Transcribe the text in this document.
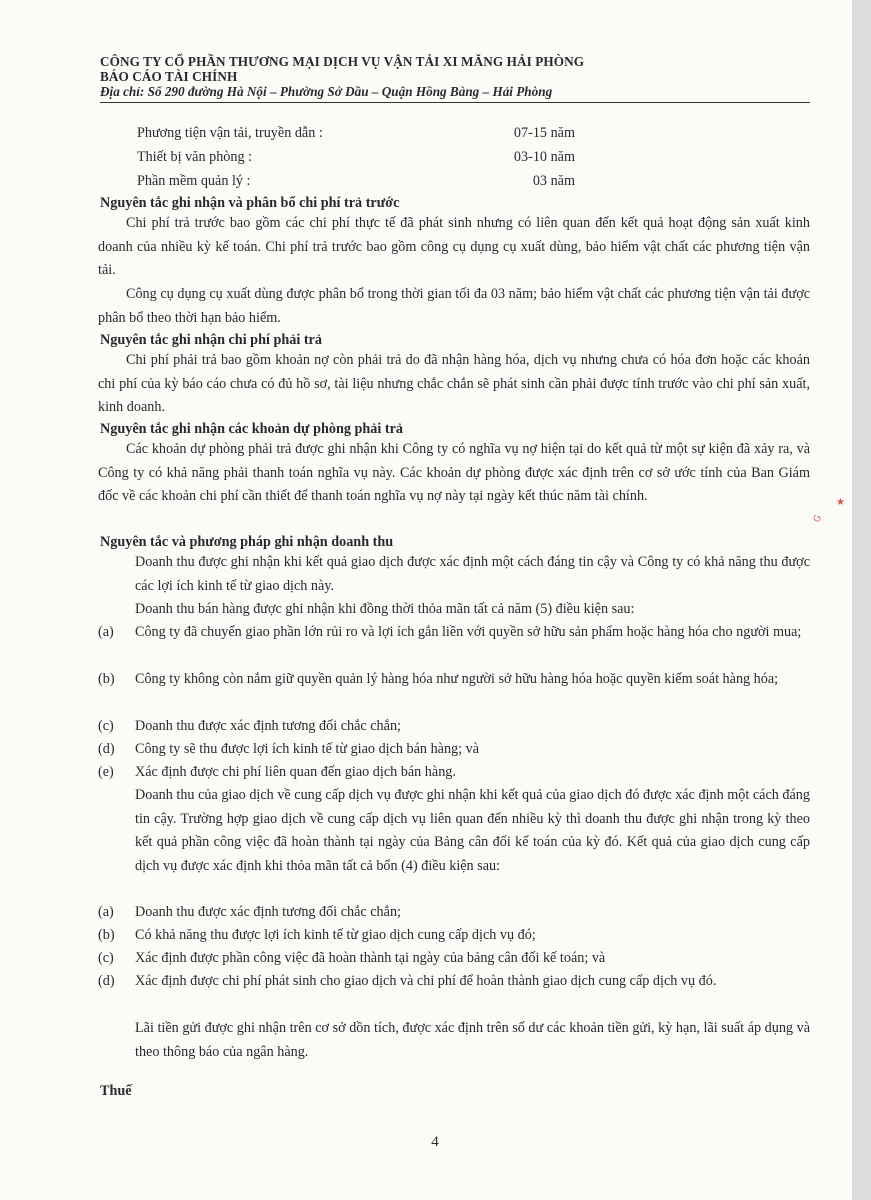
CÔNG TY CỔ PHẦN THƯƠNG MẠI DỊCH VỤ VẬN TẢI XI MĂNG HẢI PHÒNG
BÁO CÁO TÀI CHÍNH
Địa chỉ: Số 290 đường Hà Nội – Phường Sở Dầu – Quận Hồng Bàng – Hải Phòng
Phương tiện vận tải, truyền dẫn :	07-15 năm
Thiết bị văn phòng :	03-10 năm
Phần mềm quản lý :	03 năm
Nguyên tắc ghi nhận và phân bổ chi phí trả trước
Chi phí trả trước bao gồm các chi phí thực tế đã phát sinh nhưng có liên quan đến kết quả hoạt động sản xuất kinh doanh của nhiều kỳ kế toán. Chi phí trả trước bao gồm công cụ dụng cụ xuất dùng, bảo hiểm vật chất các phương tiện vận tải.
Công cụ dụng cụ xuất dùng được phân bổ trong thời gian tối đa 03 năm; bảo hiểm vật chất các phương tiện vận tải được phân bổ theo thời hạn bảo hiểm.
Nguyên tắc ghi nhận chi phí phải trả
Chi phí phải trả bao gồm khoản nợ còn phải trả do đã nhận hàng hóa, dịch vụ nhưng chưa có hóa đơn hoặc các khoản chi phí của kỳ báo cáo chưa có đủ hồ sơ, tài liệu nhưng chắc chắn sẽ phát sinh cần phải được tính trước vào chi phí sản xuất, kinh doanh.
Nguyên tắc ghi nhận các khoản dự phòng phải trả
Các khoản dự phòng phải trả được ghi nhận khi Công ty có nghĩa vụ nợ hiện tại do kết quả từ một sự kiện đã xảy ra, và Công ty có khả năng phải thanh toán nghĩa vụ này. Các khoản dự phòng được xác định trên cơ sở ước tính của Ban Giám đốc về các khoản chi phí cần thiết để thanh toán nghĩa vụ nợ này tại ngày kết thúc năm tài chính.
Nguyên tắc và phương pháp ghi nhận doanh thu
Doanh thu được ghi nhận khi kết quả giao dịch được xác định một cách đáng tin cậy và Công ty có khả năng thu được các lợi ích kinh tế từ giao dịch này.
Doanh thu bán hàng được ghi nhận khi đồng thời thỏa mãn tất cả năm (5) điều kiện sau:
(a) Công ty đã chuyển giao phần lớn rủi ro và lợi ích gắn liền với quyền sở hữu sản phẩm hoặc hàng hóa cho người mua;
(b) Công ty không còn nắm giữ quyền quản lý hàng hóa như người sở hữu hàng hóa hoặc quyền kiểm soát hàng hóa;
(c) Doanh thu được xác định tương đối chắc chắn;
(d) Công ty sẽ thu được lợi ích kinh tế từ giao dịch bán hàng; và
(e) Xác định được chi phí liên quan đến giao dịch bán hàng.
Doanh thu của giao dịch về cung cấp dịch vụ được ghi nhận khi kết quả của giao dịch đó được xác định một cách đáng tin cậy. Trường hợp giao dịch về cung cấp dịch vụ liên quan đến nhiều kỳ thì doanh thu được ghi nhận trong kỳ theo kết quả phần công việc đã hoàn thành tại ngày của Bảng cân đối kế toán của kỳ đó. Kết quả của giao dịch cung cấp dịch vụ được xác định khi thỏa mãn tất cả bốn (4) điều kiện sau:
(a) Doanh thu được xác định tương đối chắc chắn;
(b) Có khả năng thu được lợi ích kinh tế từ giao dịch cung cấp dịch vụ đó;
(c) Xác định được phần công việc đã hoàn thành tại ngày của bảng cân đối kế toán; và
(d) Xác định được chi phí phát sinh cho giao dịch và chi phí để hoàn thành giao dịch cung cấp dịch vụ đó.
Lãi tiền gửi được ghi nhận trên cơ sở dồn tích, được xác định trên số dư các khoản tiền gửi, kỳ hạn, lãi suất áp dụng và theo thông báo của ngân hàng.
Thuế
4
★
G
